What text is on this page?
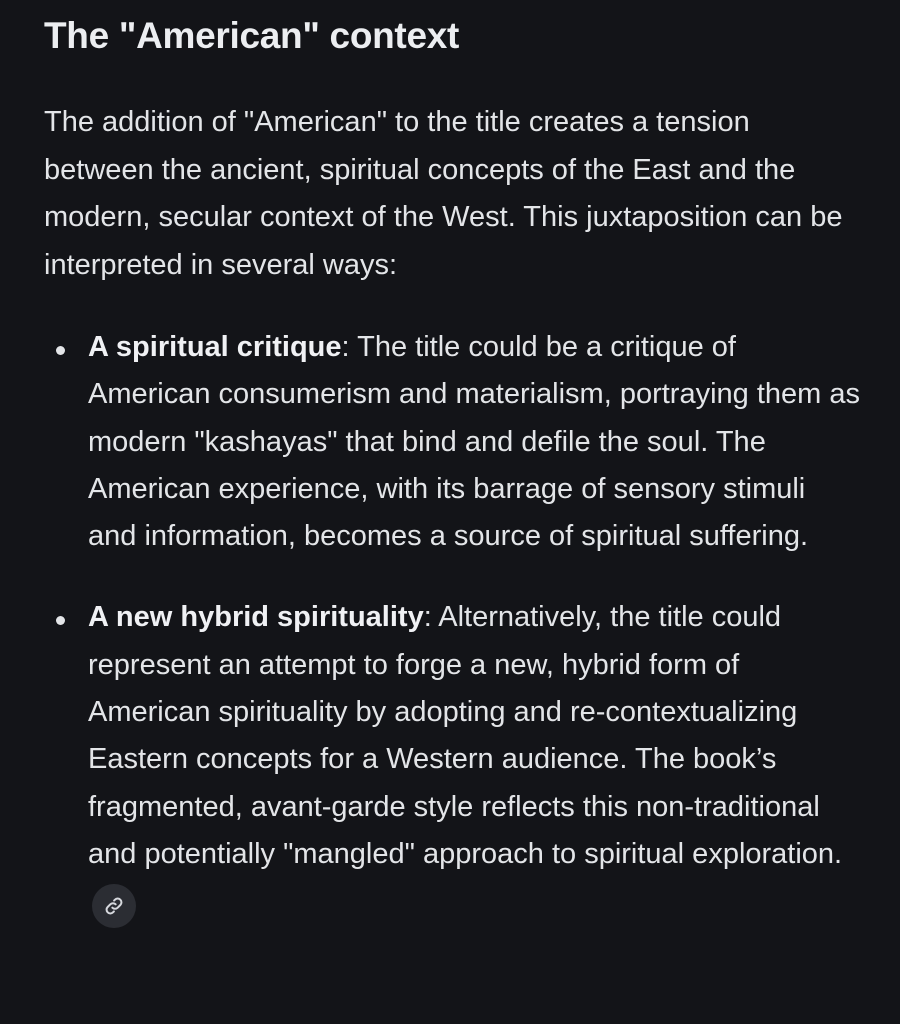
The "American" context

The addition of "American" to the title creates a tension between the ancient, spiritual concepts of the East and the modern, secular context of the West. This juxtaposition can be interpreted in several ways:

A spiritual critique: The title could be a critique of American consumerism and materialism, portraying them as modern "kashayas" that bind and defile the soul. The American experience, with its barrage of sensory stimuli and information, becomes a source of spiritual suffering.
A new hybrid spirituality: Alternatively, the title could represent an attempt to forge a new, hybrid form of American spirituality by adopting and re-contextualizing Eastern concepts for a Western audience. The book’s fragmented, avant-garde style reflects this non-traditional and potentially "mangled" approach to spiritual exploration.
